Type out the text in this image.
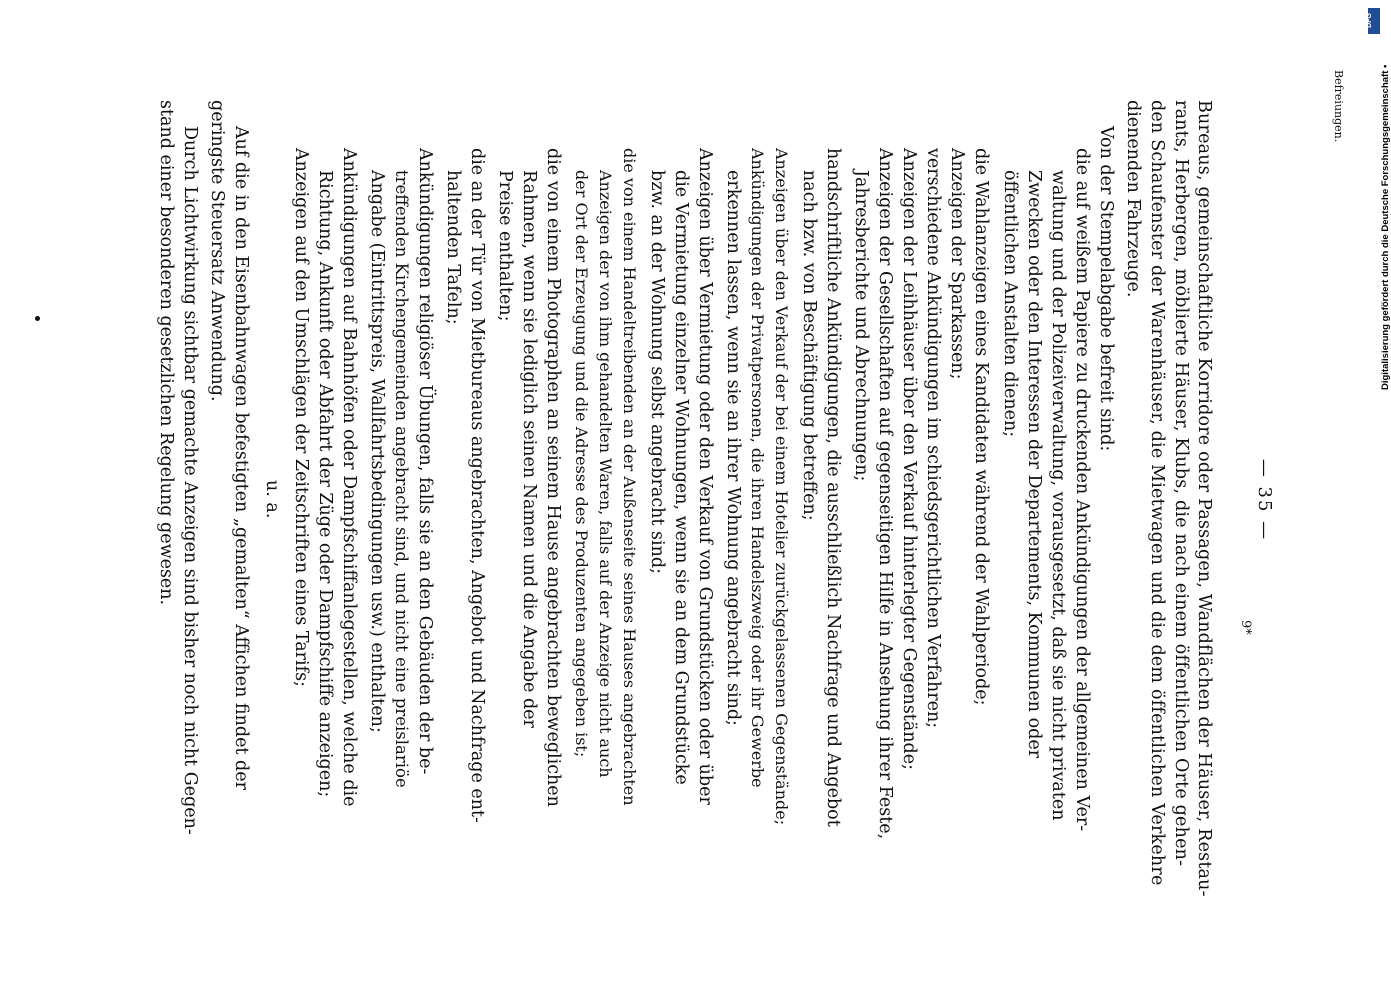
— 35 —
Bureaus, gemeinschaftliche Korridore oder Passagen, Wandflächen der Häuser, Restau-
rants, Herbergen, möblierte Häuser, Klubs, die nach einem öffentlichen Orte gehen-
den Schaufenster der Warenhäuser, die Mietwagen und die dem öffentlichen Verkehre
dienenden Fahrzeuge.
Von der Stempelabgabe befreit sind:
die auf weißem Papiere zu druckenden Ankündigungen der allgemeinen Ver-
waltung und der Polizeiverwaltung, vorausgesetzt, daß sie nicht privaten
Zwecken oder den Interessen der Departements, Kommunen oder
öffentlichen Anstalten dienen;
die Wahlanzeigen eines Kandidaten während der Wahlperiode;
Anzeigen der Sparkassen;
verschiedene Ankündigungen im schiedsgerichtlichen Verfahren;
Anzeigen der Leihhäuser über den Verkauf hinterlegter Gegenstände;
Anzeigen der Gesellschaften auf gegenseitigen Hilfe in Ansehung ihrer Feste,
Jahresberichte und Abrechnungen;
handschriftliche Ankündigungen, die ausschließlich Nachfrage und Angebot
nach bzw. von Beschäftigung betreffen;
Anzeigen über den Verkauf der bei einem Hotelier zurückgelassenen Gegenstände;
Ankündigungen der Privatpersonen, die ihren Handelszweig oder ihr Gewerbe
erkennen lassen, wenn sie an ihrer Wohnung angebracht sind;
Anzeigen über Vermietung oder den Verkauf von Grundstücken oder über
die Vermietung einzelner Wohnungen, wenn sie an dem Grundstücke
bzw. an der Wohnung selbst angebracht sind;
die von einem Handeltreibenden an der Außenseite seines Hauses angebrachten
Anzeigen der von ihm gehandelten Waren, falls auf der Anzeige nicht auch
der Ort der Erzeugung und die Adresse des Produzenten angegeben ist;
die von einem Photographen an seinem Hause angebrachten beweglichen
Rahmen, wenn sie lediglich seinen Namen und die Angabe der
Preise enthalten;
die an der Tür von Mietbureaus angebrachten, Angebot und Nachfrage ent-
haltenden Tafeln;
Ankündigungen religiöser Übungen, falls sie an den Gebäuden der be-
treffenden Kirchengemeinden angebracht sind, und nicht eine preislariöe
Angabe (Eintrittspreis, Wallfahrtsbedingungen usw.) enthalten;
Ankündigungen auf Bahnhöfen oder Dampfschiffanlegestellen, welche die
Richtung, Ankunft oder Abfahrt der Züge oder Dampfschiffe anzeigen;
Anzeigen auf den Umschlägen der Zeitschriften eines Tarifs;
u. a.
Auf die in den Eisenbahnwagen befestigten „gemalten“ Affichen findet der
geringste Steuersatz Anwendung.
Durch Lichtwirkung sichtbar gemachte Anzeigen sind bisher noch nicht Gegen-
stand einer besonderen gesetzlichen Regelung gewesen.	Befreiungen.
9*
DFG
Digitalisierung gefördert durch die Deutsche Forschungsgemeinschaft •
